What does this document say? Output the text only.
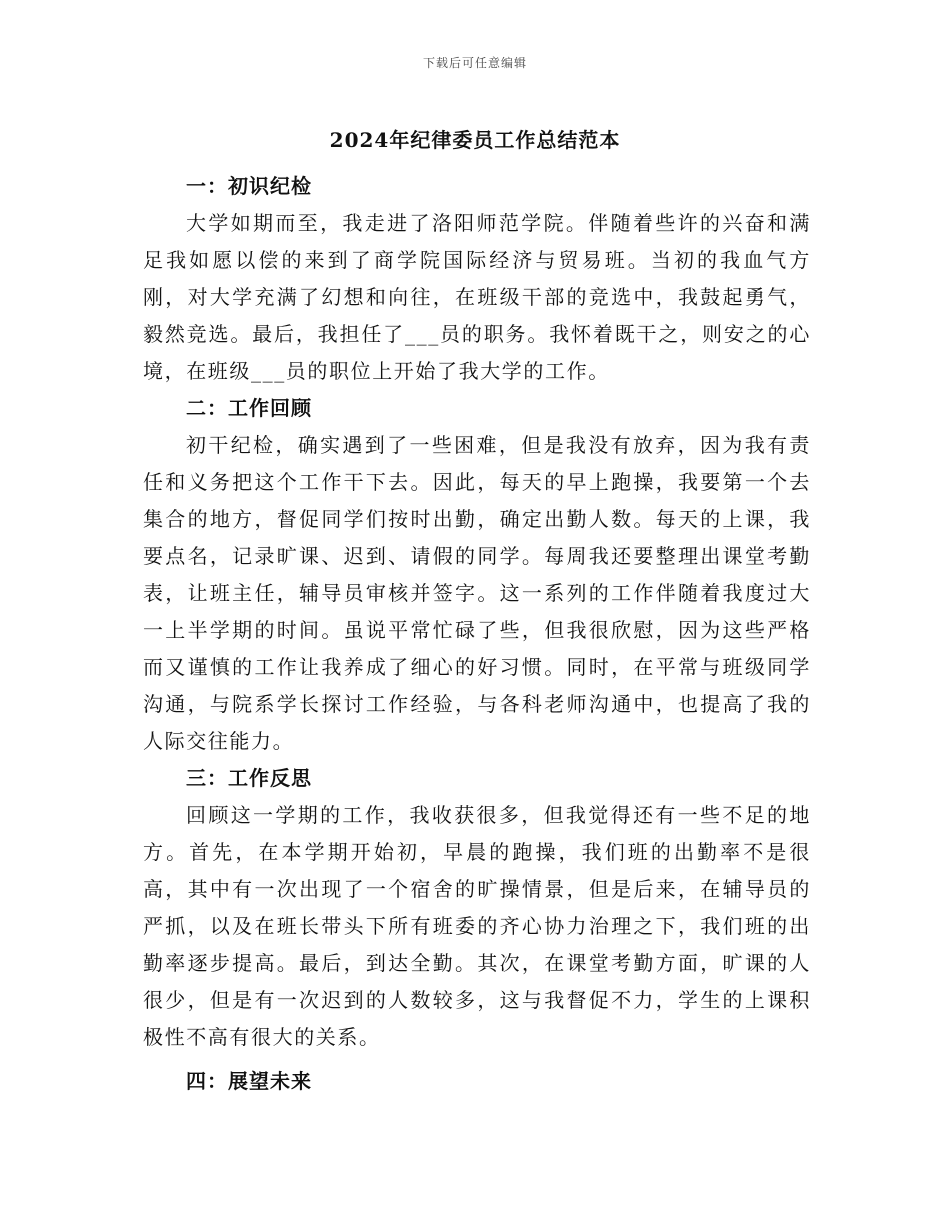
下载后可任意编辑
2024年纪律委员工作总结范本

一：初识纪检

大学如期而至，我走进了洛阳师范学院。伴随着些许的兴奋和满足我如愿以偿的来到了商学院国际经济与贸易班。当初的我血气方刚，对大学充满了幻想和向往，在班级干部的竞选中，我鼓起勇气，毅然竞选。最后，我担任了___员的职务。我怀着既干之，则安之的心境，在班级___员的职位上开始了我大学的工作。

二：工作回顾

初干纪检，确实遇到了一些困难，但是我没有放弃，因为我有责任和义务把这个工作干下去。因此，每天的早上跑操，我要第一个去集合的地方，督促同学们按时出勤，确定出勤人数。每天的上课，我要点名，记录旷课、迟到、请假的同学。每周我还要整理出课堂考勤表，让班主任，辅导员审核并签字。这一系列的工作伴随着我度过大一上半学期的时间。虽说平常忙碌了些，但我很欣慰，因为这些严格而又谨慎的工作让我养成了细心的好习惯。同时，在平常与班级同学沟通，与院系学长探讨工作经验，与各科老师沟通中，也提高了我的人际交往能力。

三：工作反思

回顾这一学期的工作，我收获很多，但我觉得还有一些不足的地方。首先，在本学期开始初，早晨的跑操，我们班的出勤率不是很高，其中有一次出现了一个宿舍的旷操情景，但是后来，在辅导员的严抓，以及在班长带头下所有班委的齐心协力治理之下，我们班的出勤率逐步提高。最后，到达全勤。其次，在课堂考勤方面，旷课的人很少，但是有一次迟到的人数较多，这与我督促不力，学生的上课积极性不高有很大的关系。

四：展望未来
